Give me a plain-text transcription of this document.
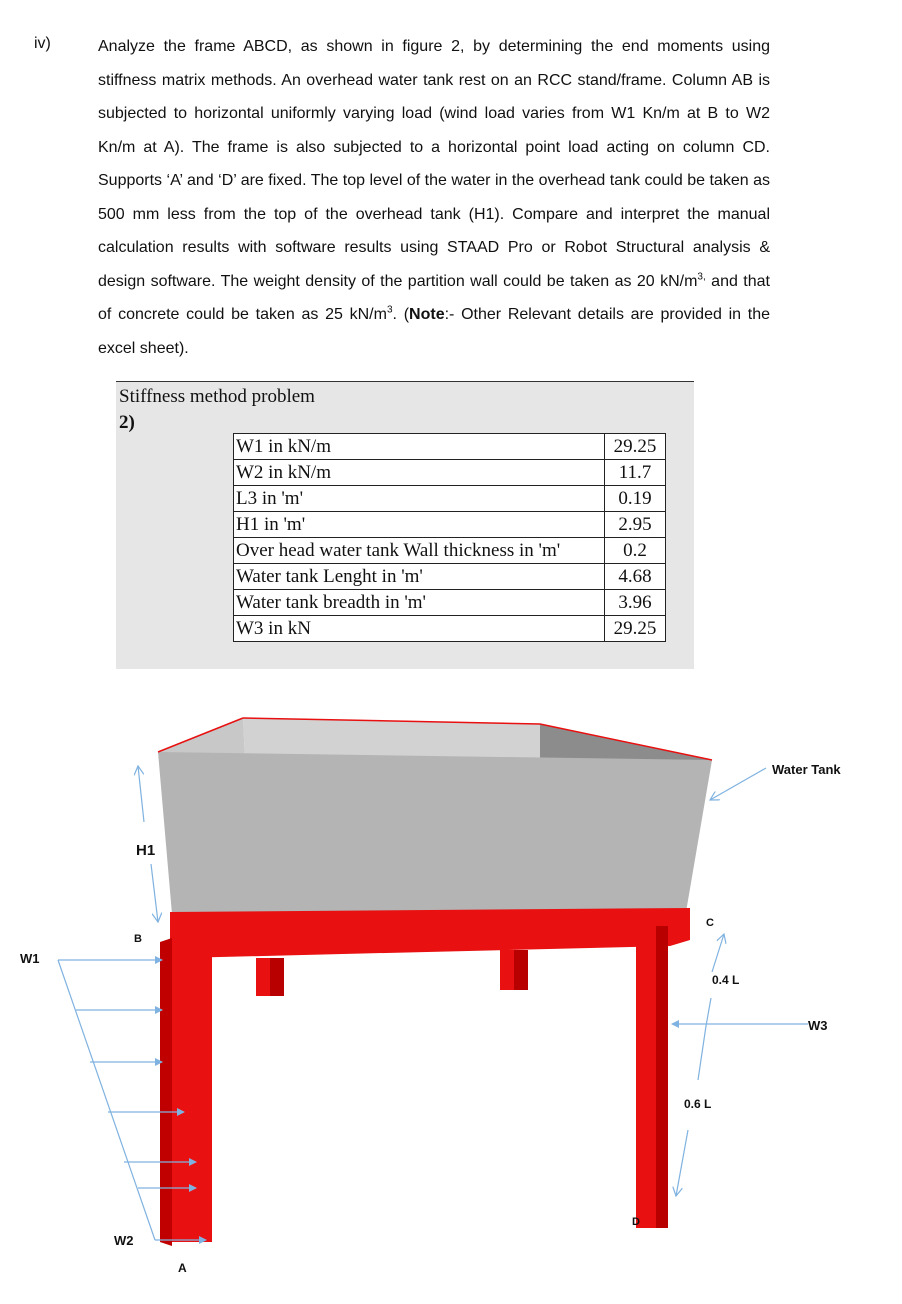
iv)	Analyze the frame ABCD, as shown in figure 2, by determining the end moments using stiffness matrix methods. An overhead water tank rest on an RCC stand/frame. Column AB is subjected to horizontal uniformly varying load (wind load varies from W1 Kn/m at B to W2 Kn/m at A). The frame is also subjected to a horizontal point load acting on column CD. Supports ‘A’ and ‘D’ are fixed. The top level of the water in the overhead tank could be taken as 500 mm less from the top of the overhead tank (H1). Compare and interpret the manual calculation results with software results using STAAD Pro or Robot Structural analysis & design software. The weight density of the partition wall could be taken as 20 $kN/m^{3,}$ and that of concrete could be taken as 25 $kN/m^3$. (Note:- Other Relevant details are provided in the excel sheet).

Stiffness method problem
2)
W1 in kN/m	29.25
W2 in kN/m	11.7
L3 in 'm'	0.19
H1 in 'm'	2.95
Over head water tank Wall thickness in 'm'	0.2
Water tank Lenght in 'm'	4.68
Water tank breadth in 'm'	3.96
W3 in kN	29.25
Water Tank
H1
B
C
W1
0.4 L
W3
0.6 L
D
W2
A
